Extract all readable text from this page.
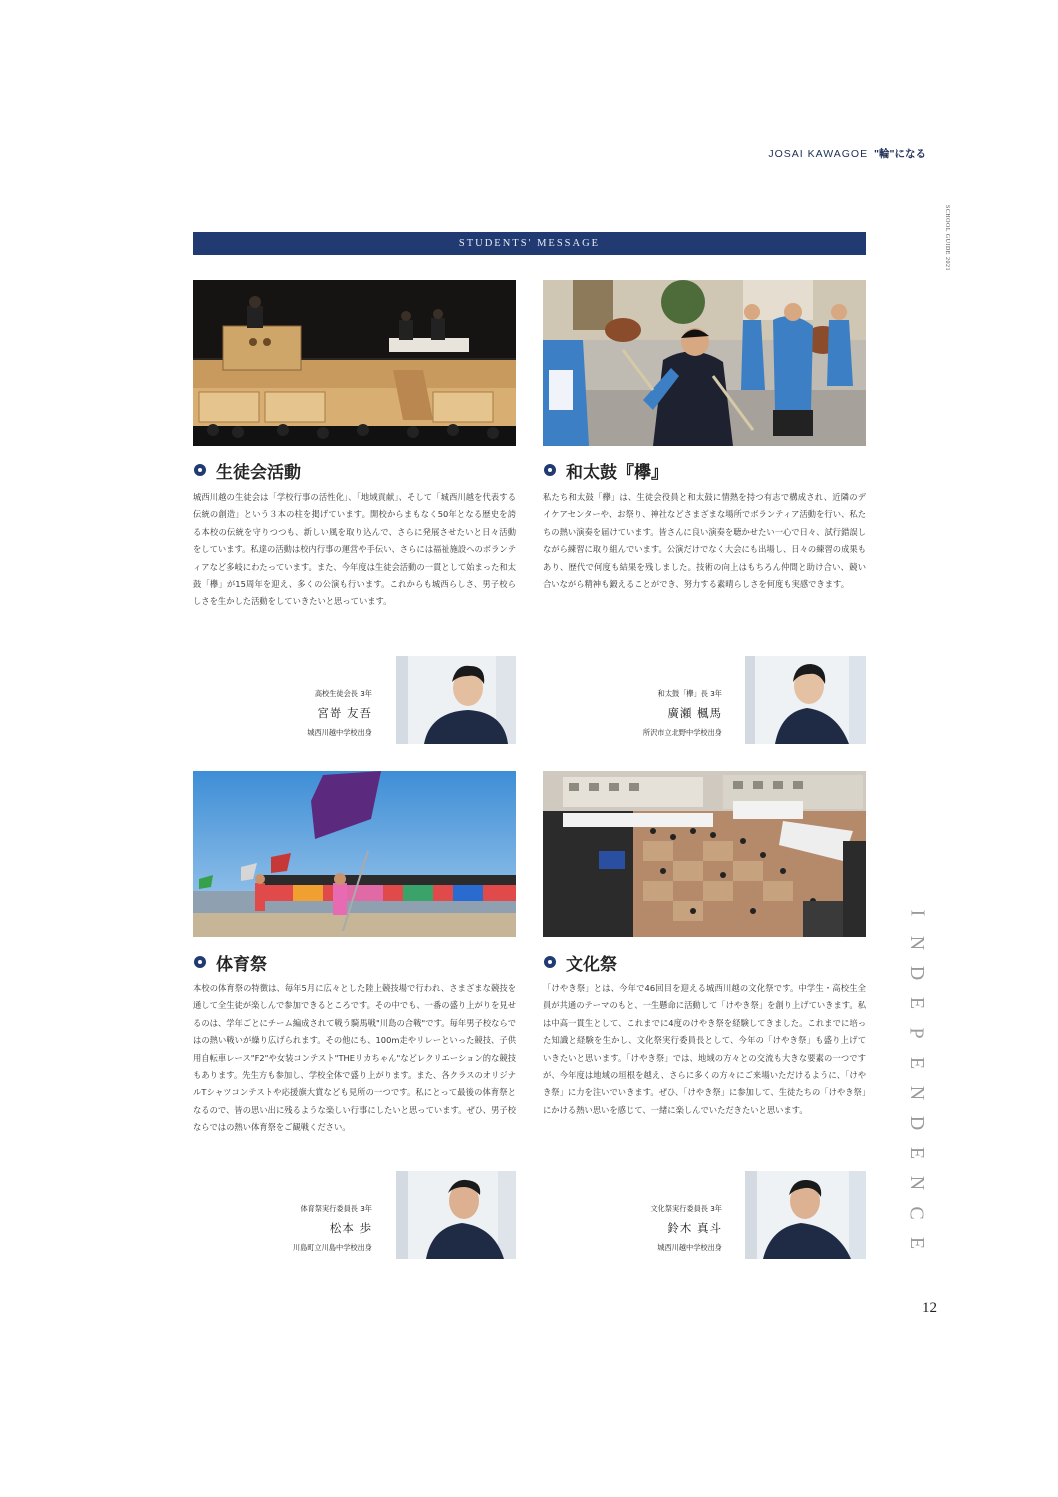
JOSAI KAWAGOE "輪"になる
SCHOOL GUIDE 2021
I
N
D
E
P
E
N
D
E
N
C
E
STUDENTS' MESSAGE
生徒会活動
城西川越の生徒会は「学校行事の活性化」、「地域貢献」、そして「城西川越を代表する伝統の創造」という３本の柱を掲げています。開校からまもなく50年となる歴史を誇る本校の伝統を守りつつも、新しい風を取り込んで、さらに発展させたいと日々活動をしています。私達の活動は校内行事の運営や手伝い、さらには福祉施設へのボランティアなど多岐にわたっています。また、今年度は生徒会活動の一貫として始まった和太鼓「欅」が15周年を迎え、多くの公演も行います。これからも城西らしさ、男子校らしさを生かした活動をしていきたいと思っています。
高校生徒会長 3年
宮嵜 友吾
城西川越中学校出身
和太鼓『欅』
私たち和太鼓「欅」は、生徒会役員と和太鼓に情熱を持つ有志で構成され、近隣のデイケアセンターや、お祭り、神社などさまざまな場所でボランティア活動を行い、私たちの熱い演奏を届けています。皆さんに良い演奏を聴かせたい一心で日々、試行錯誤しながら練習に取り組んでいます。公演だけでなく大会にも出場し、日々の練習の成果もあり、歴代で何度も結果を残しました。技術の向上はもちろん仲間と助け合い、競い合いながら精神も鍛えることができ、努力する素晴らしさを何度も実感できます。
和太鼓「欅」長 3年
廣瀬 楓馬
所沢市立北野中学校出身
体育祭
本校の体育祭の特徴は、毎年5月に広々とした陸上競技場で行われ、さまざまな競技を通して全生徒が楽しんで参加できるところです。その中でも、一番の盛り上がりを見せるのは、学年ごとにチーム編成されて戦う騎馬戦"川島の合戦"です。毎年男子校ならではの熱い戦いが繰り広げられます。その他にも、100m走やリレーといった競技、子供用自転車レース"F2"や女装コンテスト"THEリカちゃん"などレクリエーション的な競技もあります。先生方も参加し、学校全体で盛り上がります。また、各クラスのオリジナルTシャツコンテストや応援旗大賞なども見所の一つです。私にとって最後の体育祭となるので、皆の思い出に残るような楽しい行事にしたいと思っています。ぜひ、男子校ならではの熱い体育祭をご観戦ください。
体育祭実行委員長 3年
松本 歩
川島町立川島中学校出身
文化祭
「けやき祭」とは、今年で46回目を迎える城西川越の文化祭です。中学生・高校生全員が共通のテーマのもと、一生懸命に活動して「けやき祭」を創り上げていきます。私は中高一貫生として、これまでに4度のけやき祭を経験してきました。これまでに培った知識と経験を生かし、文化祭実行委員長として、今年の「けやき祭」も盛り上げていきたいと思います。「けやき祭」では、地域の方々との交流も大きな要素の一つですが、今年度は地域の垣根を越え、さらに多くの方々にご来場いただけるように、「けやき祭」に力を注いでいきます。ぜひ、「けやき祭」に参加して、生徒たちの「けやき祭」にかける熱い思いを感じて、一緒に楽しんでいただきたいと思います。
文化祭実行委員長 3年
鈴木 真斗
城西川越中学校出身
12
